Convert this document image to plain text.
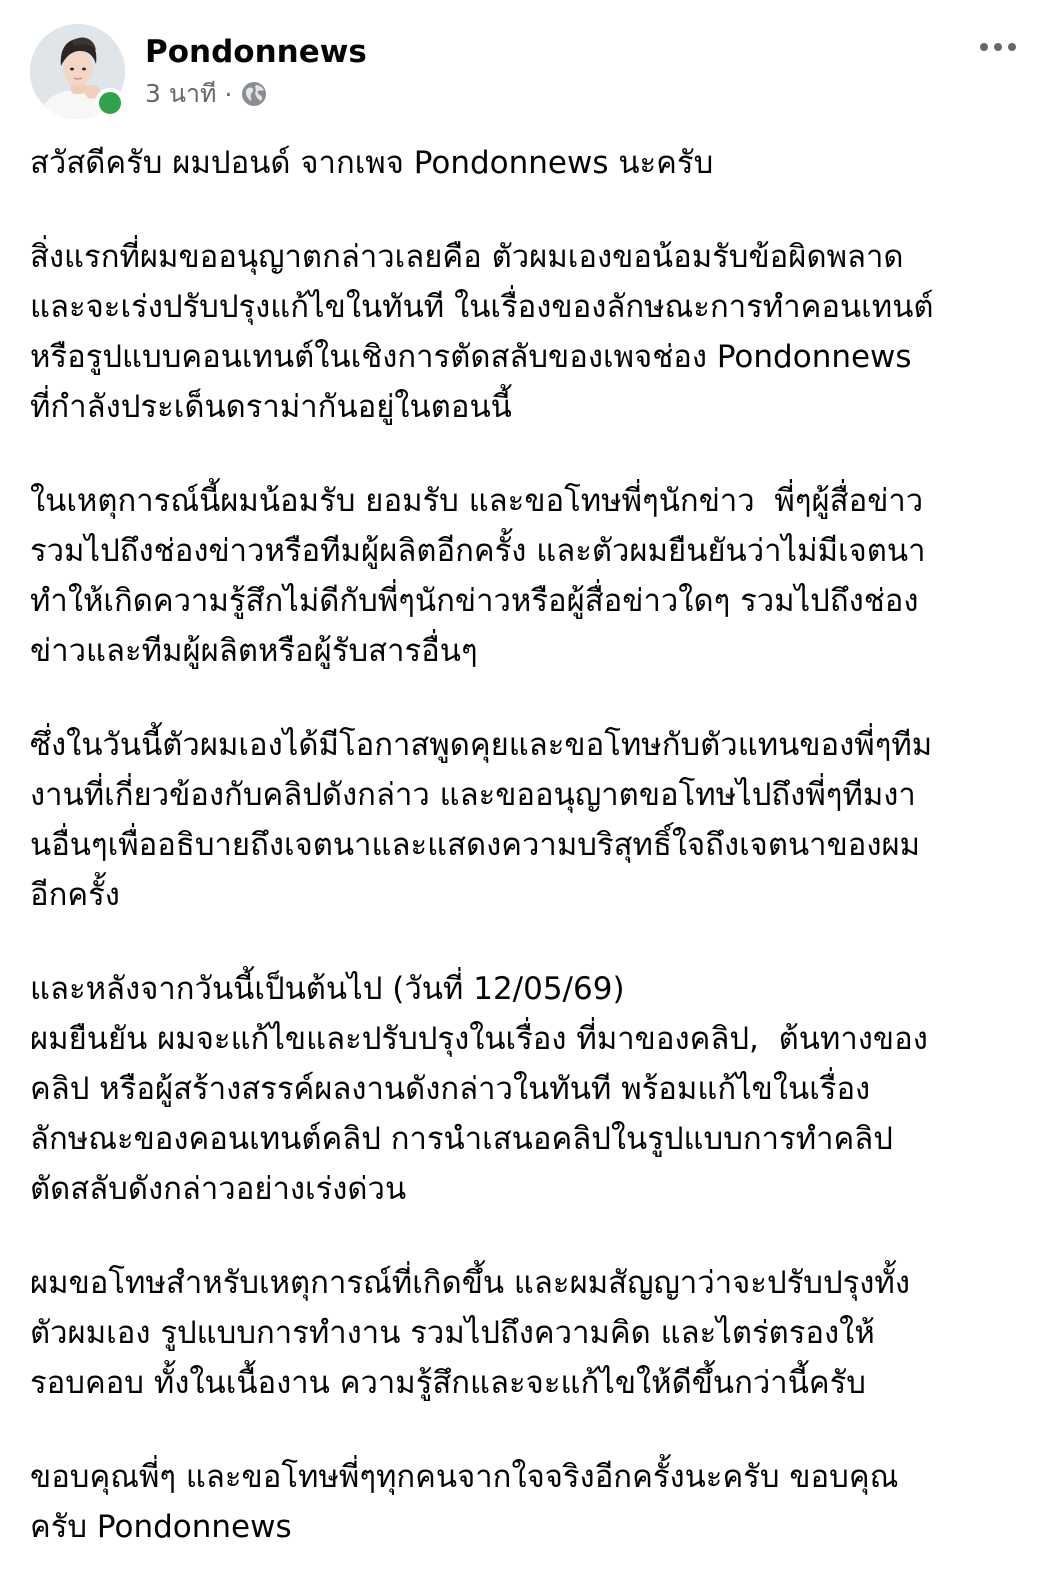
Pondonnews
3 นาที ·
สวัสดีครับ ผมปอนด์ จากเพจ Pondonnews นะครับ
สิ่งแรกที่ผมขออนุญาตกล่าวเลยคือ ตัวผมเองขอน้อมรับข้อผิดพลาด
และจะเร่งปรับปรุงแก้ไขในทันที ในเรื่องของลักษณะการทำคอนเทนต์
หรือรูปแบบคอนเทนต์ในเชิงการตัดสลับของเพจช่อง Pondonnews
ที่กำลังประเด็นดราม่ากันอยู่ในตอนนี้
ในเหตุการณ์นี้ผมน้อมรับ ยอมรับ และขอโทษพี่ๆนักข่าว  พี่ๆผู้สื่อข่าว
รวมไปถึงช่องข่าวหรือทีมผู้ผลิตอีกครั้ง และตัวผมยืนยันว่าไม่มีเจตนา
ทำให้เกิดความรู้สึกไม่ดีกับพี่ๆนักข่าวหรือผู้สื่อข่าวใดๆ รวมไปถึงช่อง
ข่าวและทีมผู้ผลิตหรือผู้รับสารอื่นๆ
ซึ่งในวันนี้ตัวผมเองได้มีโอกาสพูดคุยและขอโทษกับตัวแทนของพี่ๆทีม
งานที่เกี่ยวข้องกับคลิปดังกล่าว และขออนุญาตขอโทษไปถึงพี่ๆทีมงา
นอื่นๆเพื่ออธิบายถึงเจตนาและแสดงความบริสุทธิ์ใจถึงเจตนาของผม
อีกครั้ง
และหลังจากวันนี้เป็นต้นไป (วันที่ 12/05/69)
ผมยืนยัน ผมจะแก้ไขและปรับปรุงในเรื่อง ที่มาของคลิป,  ต้นทางของ
คลิป หรือผู้สร้างสรรค์ผลงานดังกล่าวในทันที พร้อมแก้ไขในเรื่อง
ลักษณะของคอนเทนต์คลิป การนำเสนอคลิปในรูปแบบการทำคลิป
ตัดสลับดังกล่าวอย่างเร่งด่วน
ผมขอโทษสำหรับเหตุการณ์ที่เกิดขึ้น และผมสัญญาว่าจะปรับปรุงทั้ง
ตัวผมเอง รูปแบบการทำงาน รวมไปถึงความคิด และไตร่ตรองให้
รอบคอบ ทั้งในเนื้องาน ความรู้สึกและจะแก้ไขให้ดีขึ้นกว่านี้ครับ
ขอบคุณพี่ๆ และขอโทษพี่ๆทุกคนจากใจจริงอีกครั้งนะครับ ขอบคุณ
ครับ Pondonnews
